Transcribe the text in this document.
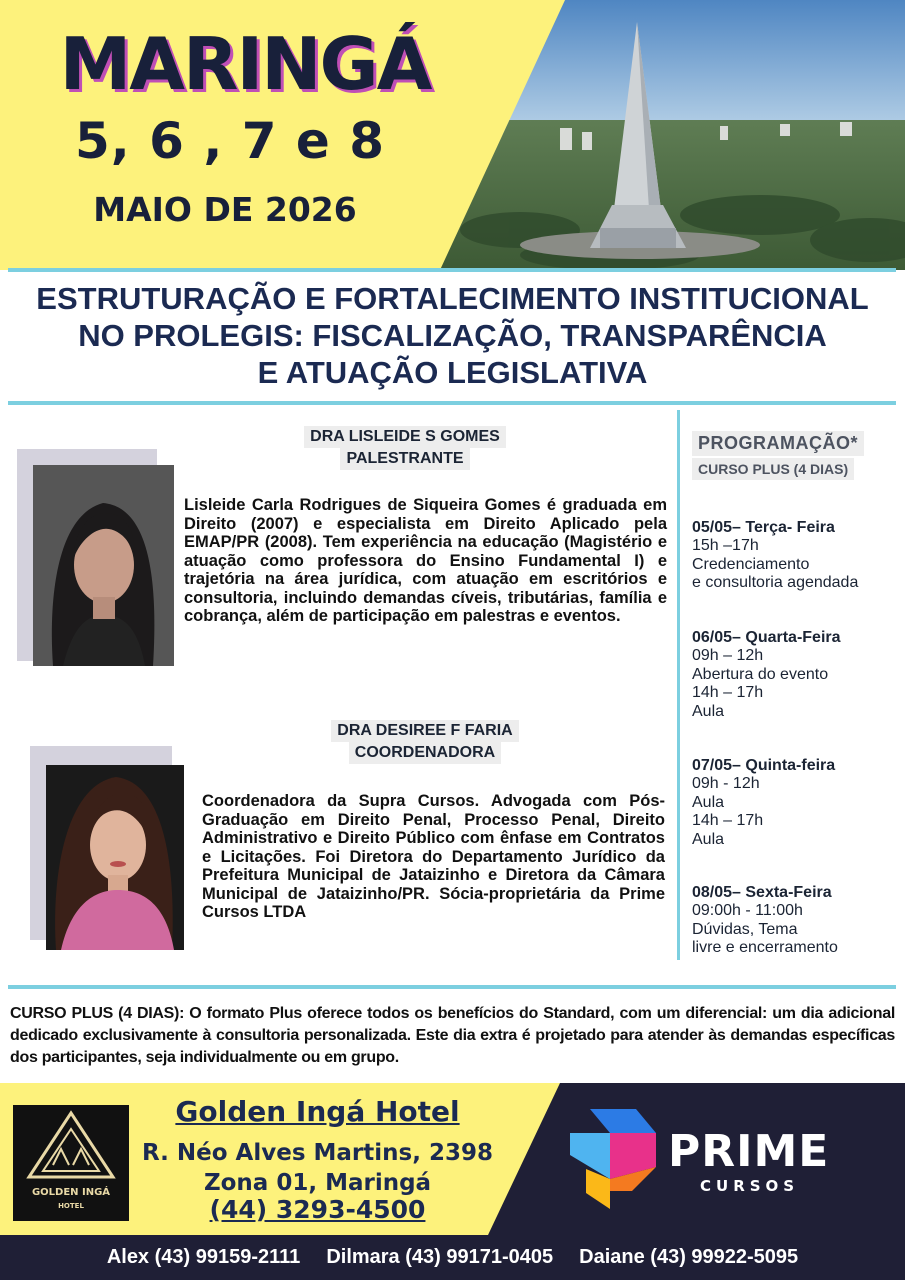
MARINGÁ
5, 6 , 7 e 8
MAIO DE 2026
ESTRUTURAÇÃO E FORTALECIMENTO INSTITUCIONAL
NO PROLEGIS: FISCALIZAÇÃO, TRANSPARÊNCIA
E ATUAÇÃO LEGISLATIVA
DRA LISLEIDE S GOMES
PALESTRANTE
Lisleide Carla Rodrigues de Siqueira Gomes é graduada em Direito (2007) e especialista em Direito Aplicado pela EMAP/PR (2008). Tem experiência na educação (Magistério e atuação como professora do Ensino Fundamental I) e trajetória na área jurídica, com atuação em escritórios e consultoria, incluindo demandas cíveis, tributárias, família e cobrança, além de participação em palestras e eventos.
DRA DESIREE F FARIA
COORDENADORA
Coordenadora da Supra Cursos. Advogada com Pós-Graduação em Direito Penal, Processo Penal, Direito Administrativo e Direito Público com ênfase em Contratos e Licitações. Foi Diretora do Departamento Jurídico da Prefeitura Municipal de Jataizinho e Diretora da Câmara Municipal de Jataizinho/PR. Sócia-proprietária da Prime Cursos LTDA
PROGRAMAÇÃO* CURSO PLUS (4 DIAS)
05/05– Terça- Feira
15h –17h
Credenciamento
e consultoria agendada
06/05– Quarta-Feira
09h – 12h
Abertura do evento
14h – 17h
Aula
07/05– Quinta-feira
09h - 12h
Aula
14h – 17h
Aula
08/05– Sexta-Feira
09:00h - 11:00h
Dúvidas, Tema
livre e encerramento
CURSO PLUS (4 DIAS): O formato Plus oferece todos os benefícios do Standard, com um diferencial: um dia adicional dedicado exclusivamente à consultoria personalizada. Este dia extra é projetado para atender às demandas específicas dos participantes, seja individualmente ou em grupo.
GOLDEN INGÁ
HOTEL
Golden Ingá Hotel
R. Néo Alves Martins, 2398
Zona 01, Maringá
(44) 3293-4500
PRIME
CURSOS
Alex (43) 99159-2111 Dilmara (43) 99171-0405 Daiane (43) 99922-5095
